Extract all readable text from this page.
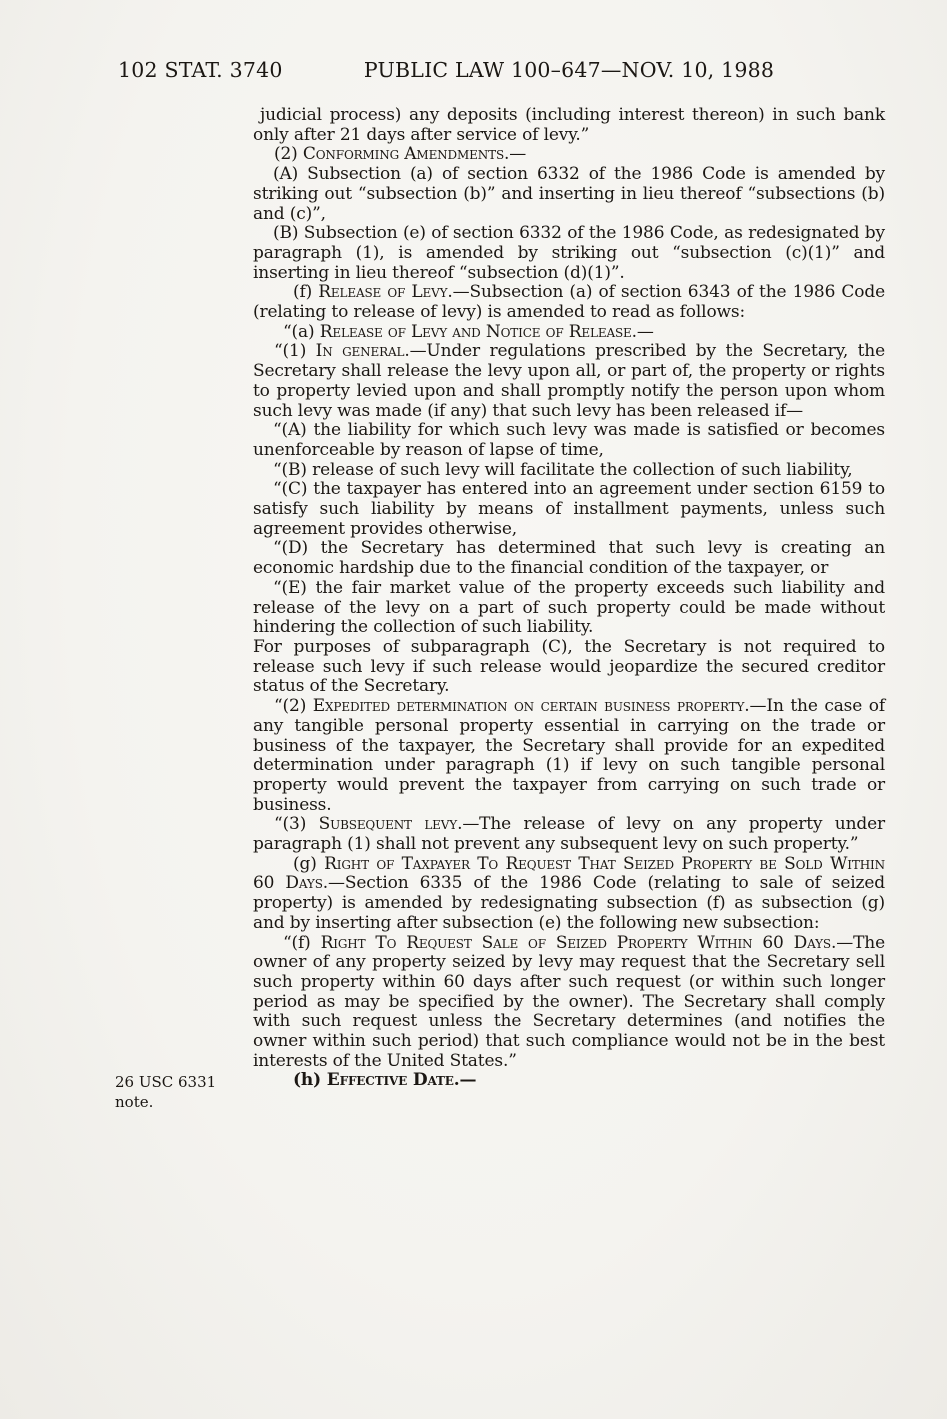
102 STAT. 3740	PUBLIC LAW 100–647—NOV. 10, 1988

judicial process) any deposits (including interest thereon) in such bank only after 21 days after service of levy.”

(2) Conforming Amendments.—

(A) Subsection (a) of section 6332 of the 1986 Code is amended by striking out “subsection (b)” and inserting in lieu thereof “subsections (b) and (c)”,

(B) Subsection (e) of section 6332 of the 1986 Code, as redesignated by paragraph (1), is amended by striking out “subsection (c)(1)” and inserting in lieu thereof “subsection (d)(1)”.

(f) Release of Levy.—Subsection (a) of section 6343 of the 1986 Code (relating to release of levy) is amended to read as follows:

“(a) Release of Levy and Notice of Release.—

“(1) In general.—Under regulations prescribed by the Secretary, the Secretary shall release the levy upon all, or part of, the property or rights to property levied upon and shall promptly notify the person upon whom such levy was made (if any) that such levy has been released if—

“(A) the liability for which such levy was made is satisfied or becomes unenforceable by reason of lapse of time,

“(B) release of such levy will facilitate the collection of such liability,

“(C) the taxpayer has entered into an agreement under section 6159 to satisfy such liability by means of installment payments, unless such agreement provides otherwise,

“(D) the Secretary has determined that such levy is creating an economic hardship due to the financial condition of the taxpayer, or

“(E) the fair market value of the property exceeds such liability and release of the levy on a part of such property could be made without hindering the collection of such liability.

For purposes of subparagraph (C), the Secretary is not required to release such levy if such release would jeopardize the secured creditor status of the Secretary.

“(2) Expedited determination on certain business property.—In the case of any tangible personal property essential in carrying on the trade or business of the taxpayer, the Secretary shall provide for an expedited determination under paragraph (1) if levy on such tangible personal property would prevent the taxpayer from carrying on such trade or business.

“(3) Subsequent levy.—The release of levy on any property under paragraph (1) shall not prevent any subsequent levy on such property.”

(g) Right of Taxpayer To Request That Seized Property be Sold Within 60 Days.—Section 6335 of the 1986 Code (relating to sale of seized property) is amended by redesignating subsection (f) as subsection (g) and by inserting after subsection (e) the following new subsection:

“(f) Right To Request Sale of Seized Property Within 60 Days.—The owner of any property seized by levy may request that the Secretary sell such property within 60 days after such request (or within such longer period as may be specified by the owner). The Secretary shall comply with such request unless the Secretary determines (and notifies the owner within such period) that such compliance would not be in the best interests of the United States.”

(h) Effective Date.—

26 USC 6331
note.
